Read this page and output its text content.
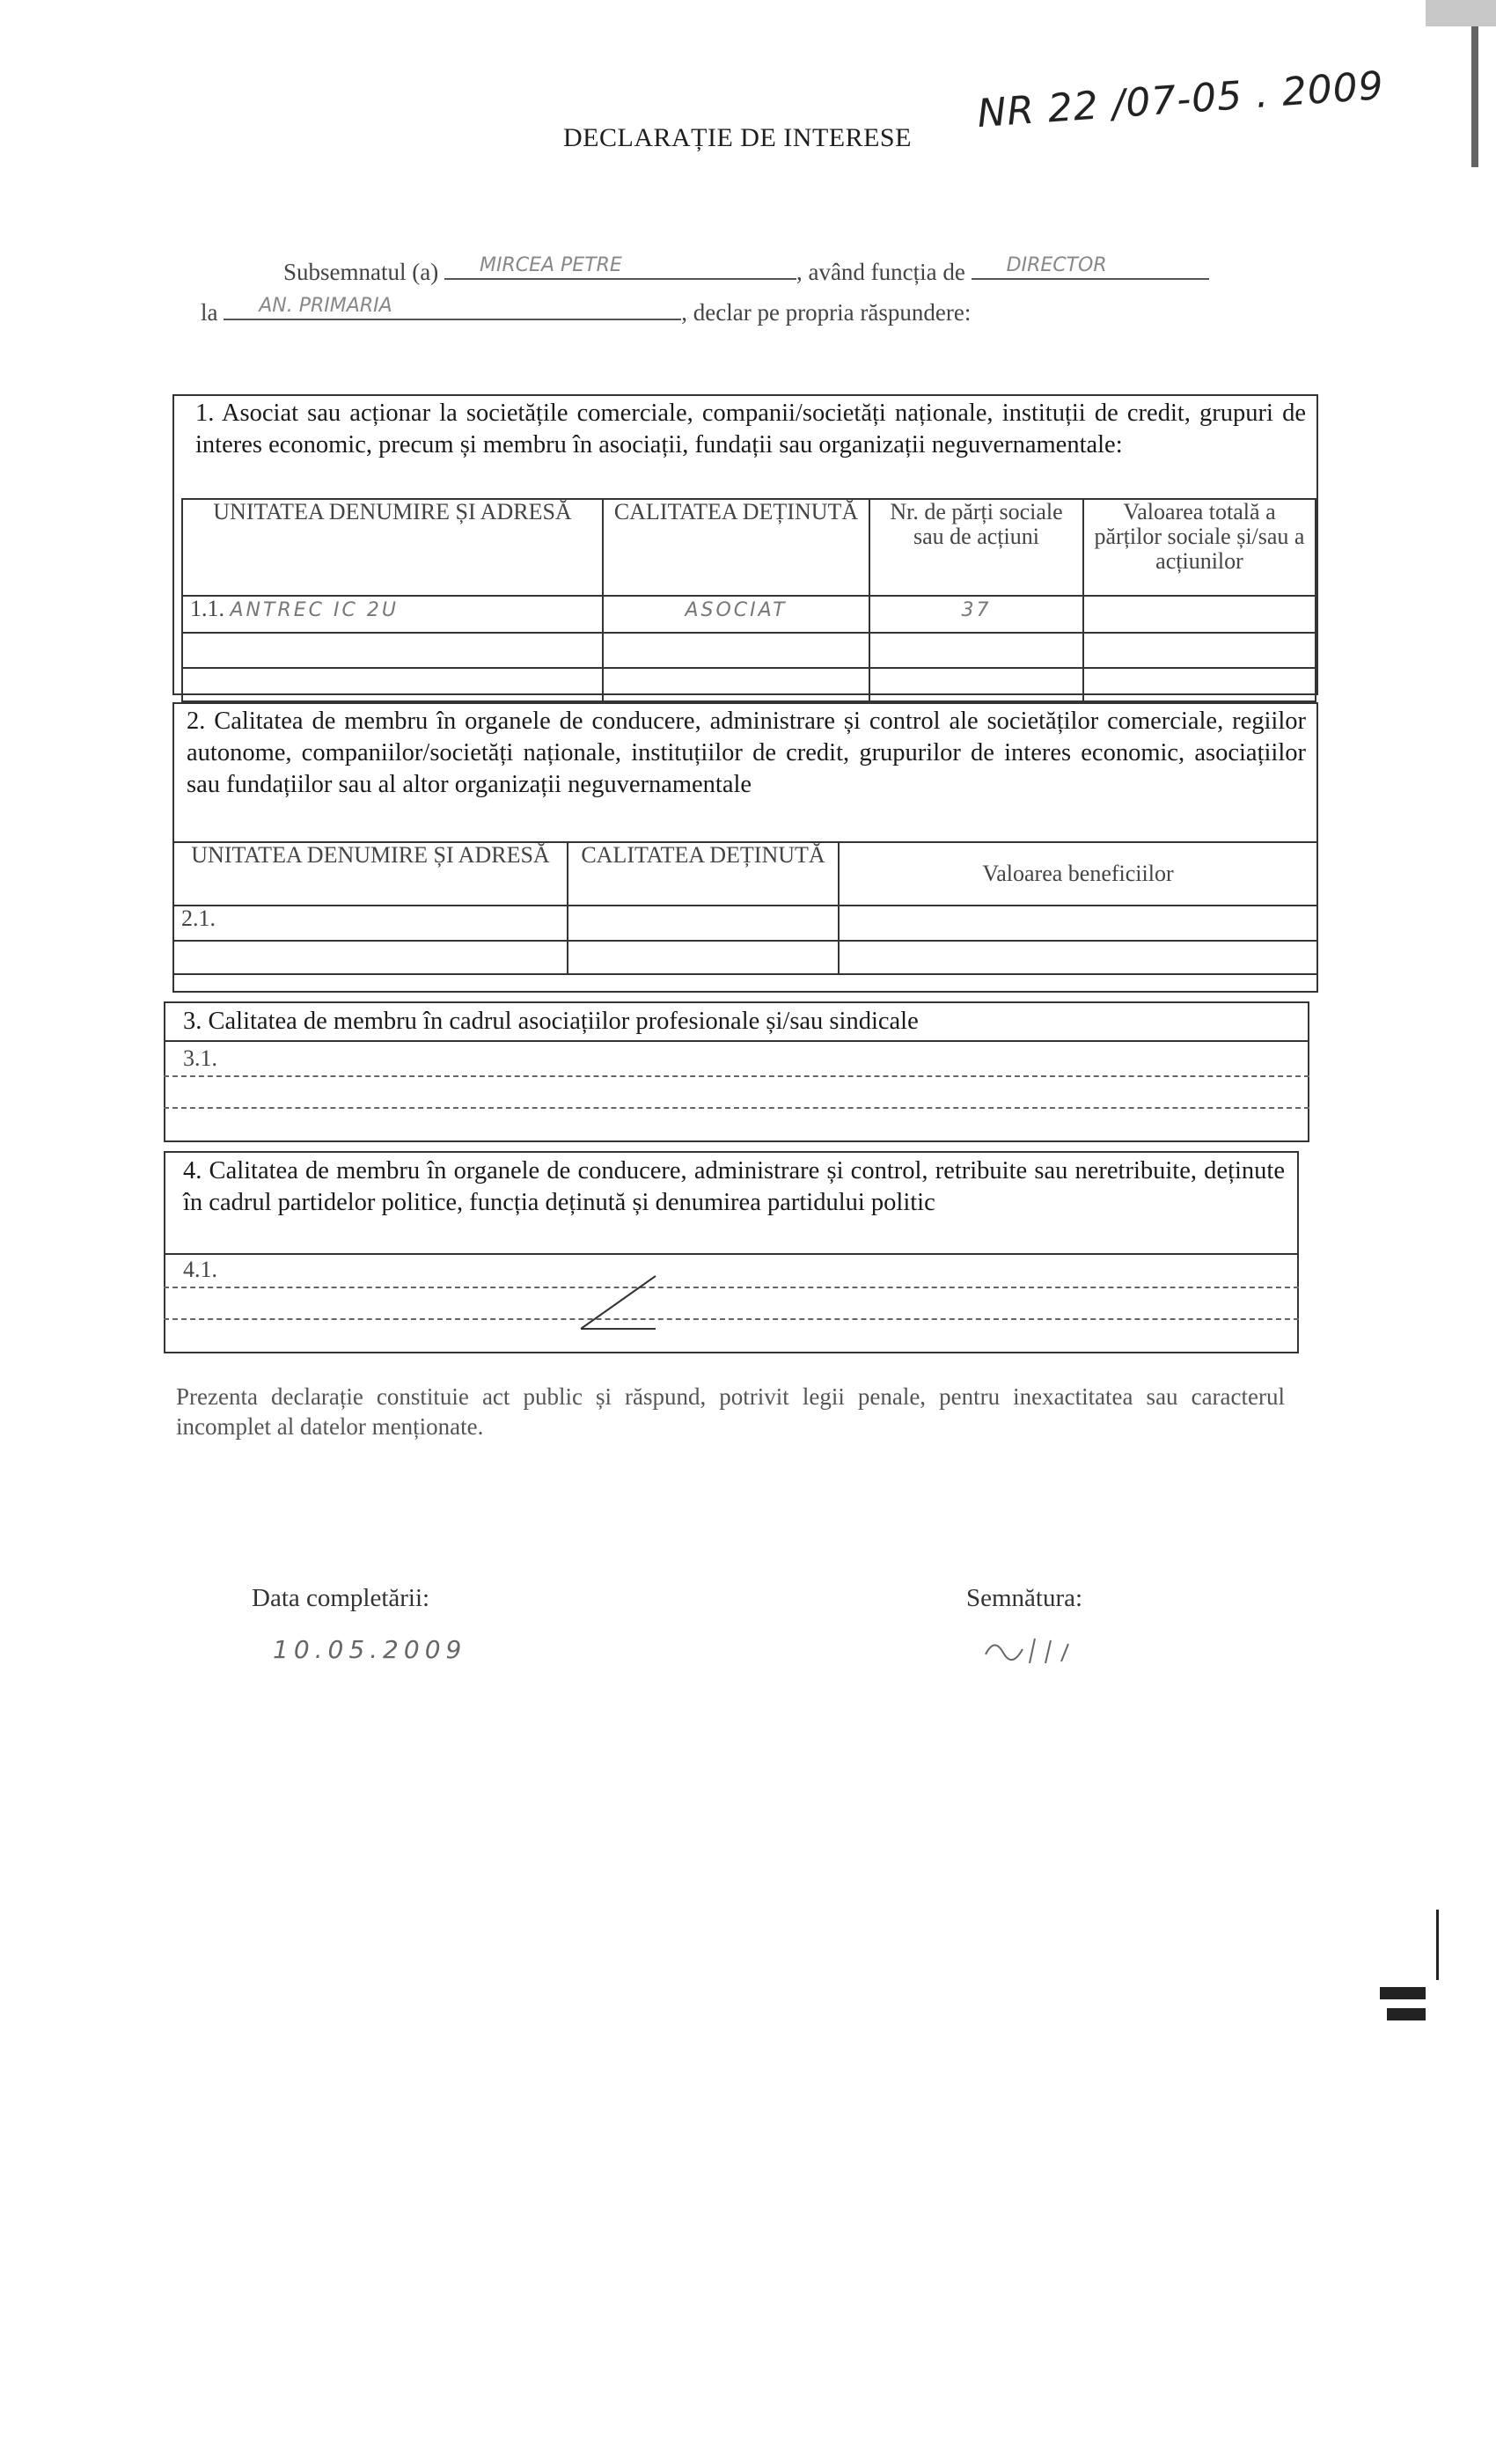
NR 22 /07-05 . 2009
DECLARAȚIE DE INTERESE
Subsemnatul (a) MIRCEA PETRE	, având funcția de DIRECTOR
la AN. PRIMARIA	, declar pe propria răspundere:
1. Asociat sau acționar la societățile comerciale, companii/societăți naționale, instituții de credit, grupuri de interes economic, precum și membru în asociații, fundații sau organizații neguvernamentale:
UNITATEA DENUMIRE ȘI ADRESĂ	CALITATEA DEȚINUTĂ	Nr. de părți sociale sau de acțiuni	Valoarea totală a părților sociale și/sau a acțiunilor
1.1. ANTREC IC 2U	ASOCIAT	37	

2. Calitatea de membru în organele de conducere, administrare și control ale societăților comerciale, regiilor autonome, companiilor/societăți naționale, instituțiilor de credit, grupurilor de interes economic, asociațiilor sau fundațiilor sau al altor organizații neguvernamentale
UNITATEA DENUMIRE ȘI ADRESĂ	CALITATEA DEȚINUTĂ	Valoarea beneficiilor
2.1.		

3. Calitatea de membru în cadrul asociațiilor profesionale și/sau sindicale
3.1.
4. Calitatea de membru în organele de conducere, administrare și control, retribuite sau neretribuite, deținute în cadrul partidelor politice, funcția deținută și denumirea partidului politic
4.1.
Prezenta declarație constituie act public și răspund, potrivit legii penale, pentru inexactitatea sau caracterul incomplet al datelor menționate.
Data completării:
10.05.2009
Semnătura:
